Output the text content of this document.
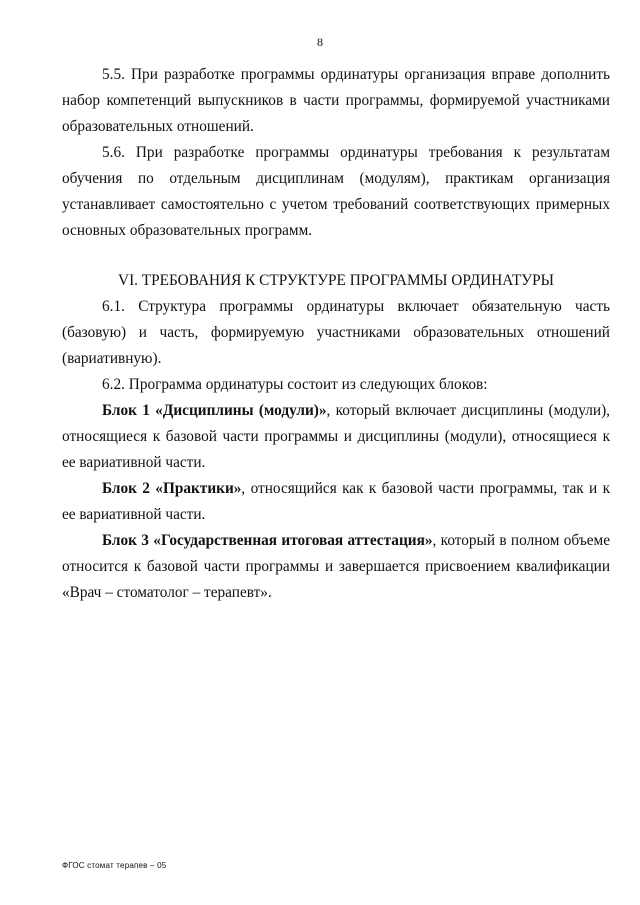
8

5.5. При разработке программы ординатуры организация вправе дополнить набор компетенций выпускников в части программы, формируемой участниками образовательных отношений.

5.6. При разработке программы ординатуры требования к результатам обучения по отдельным дисциплинам (модулям), практикам организация устанавливает самостоятельно с учетом требований соответствующих примерных основных образовательных программ.

VI. ТРЕБОВАНИЯ К СТРУКТУРЕ ПРОГРАММЫ ОРДИНАТУРЫ

6.1. Структура программы ординатуры включает обязательную часть (базовую) и часть, формируемую участниками образовательных отношений (вариативную).

6.2. Программа ординатуры состоит из следующих блоков:

Блок 1 «Дисциплины (модули)», который включает дисциплины (модули), относящиеся к базовой части программы и дисциплины (модули), относящиеся к ее вариативной части.

Блок 2 «Практики», относящийся как к базовой части программы, так и к ее вариативной части.

Блок 3 «Государственная итоговая аттестация», который в полном объеме относится к базовой части программы и завершается присвоением квалификации «Врач – стоматолог – терапевт».

ФГОС стомат терапев – 05
